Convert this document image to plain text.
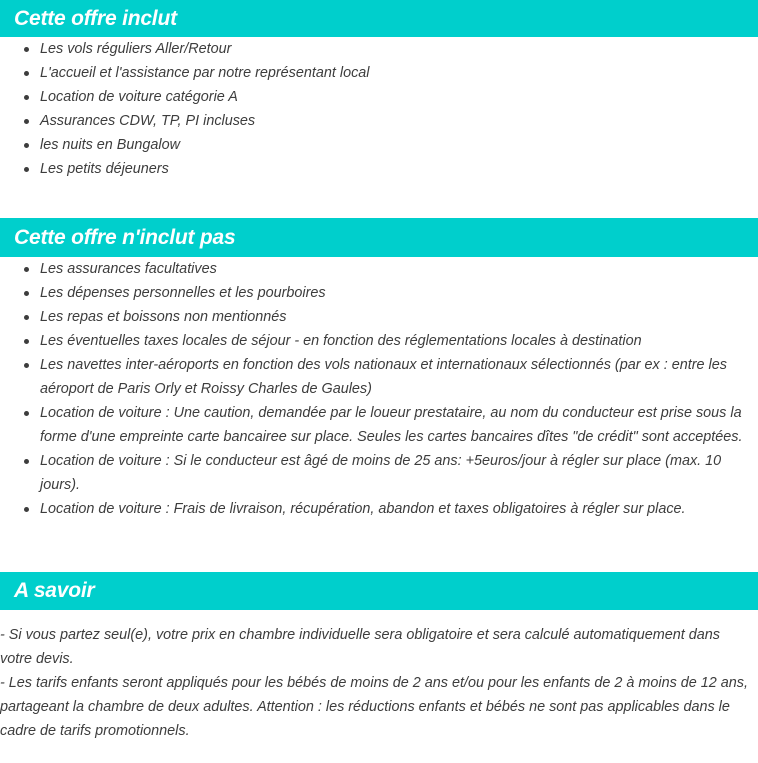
Cette offre inclut
Les vols réguliers Aller/Retour
L'accueil et l'assistance par notre représentant local
Location de voiture catégorie A
Assurances CDW, TP, PI incluses
les nuits en Bungalow
Les petits déjeuners
Cette offre n'inclut pas
Les assurances facultatives
Les dépenses personnelles et les pourboires
Les repas et boissons non mentionnés
Les éventuelles taxes locales de séjour - en fonction des réglementations locales à destination
Les navettes inter-aéroports en fonction des vols nationaux et internationaux sélectionnés (par ex : entre les aéroport de Paris Orly et Roissy Charles de Gaules)
Location de voiture : Une caution, demandée par le loueur prestataire, au nom du conducteur est prise sous la forme d'une empreinte carte bancairee sur place. Seules les cartes bancaires dîtes "de crédit" sont acceptées.
Location de voiture : Si le conducteur est âgé de moins de 25 ans: +5euros/jour à régler sur place (max. 10 jours).
Location de voiture : Frais de livraison, récupération, abandon et taxes obligatoires à régler sur place.
A savoir

- Si vous partez seul(e), votre prix en chambre individuelle sera obligatoire et sera calculé automatiquement dans votre devis.

- Les tarifs enfants seront appliqués pour les bébés de moins de 2 ans et/ou pour les enfants de 2 à moins de 12 ans, partageant la chambre de deux adultes. Attention : les réductions enfants et bébés ne sont pas applicables dans le cadre de tarifs promotionnels.
